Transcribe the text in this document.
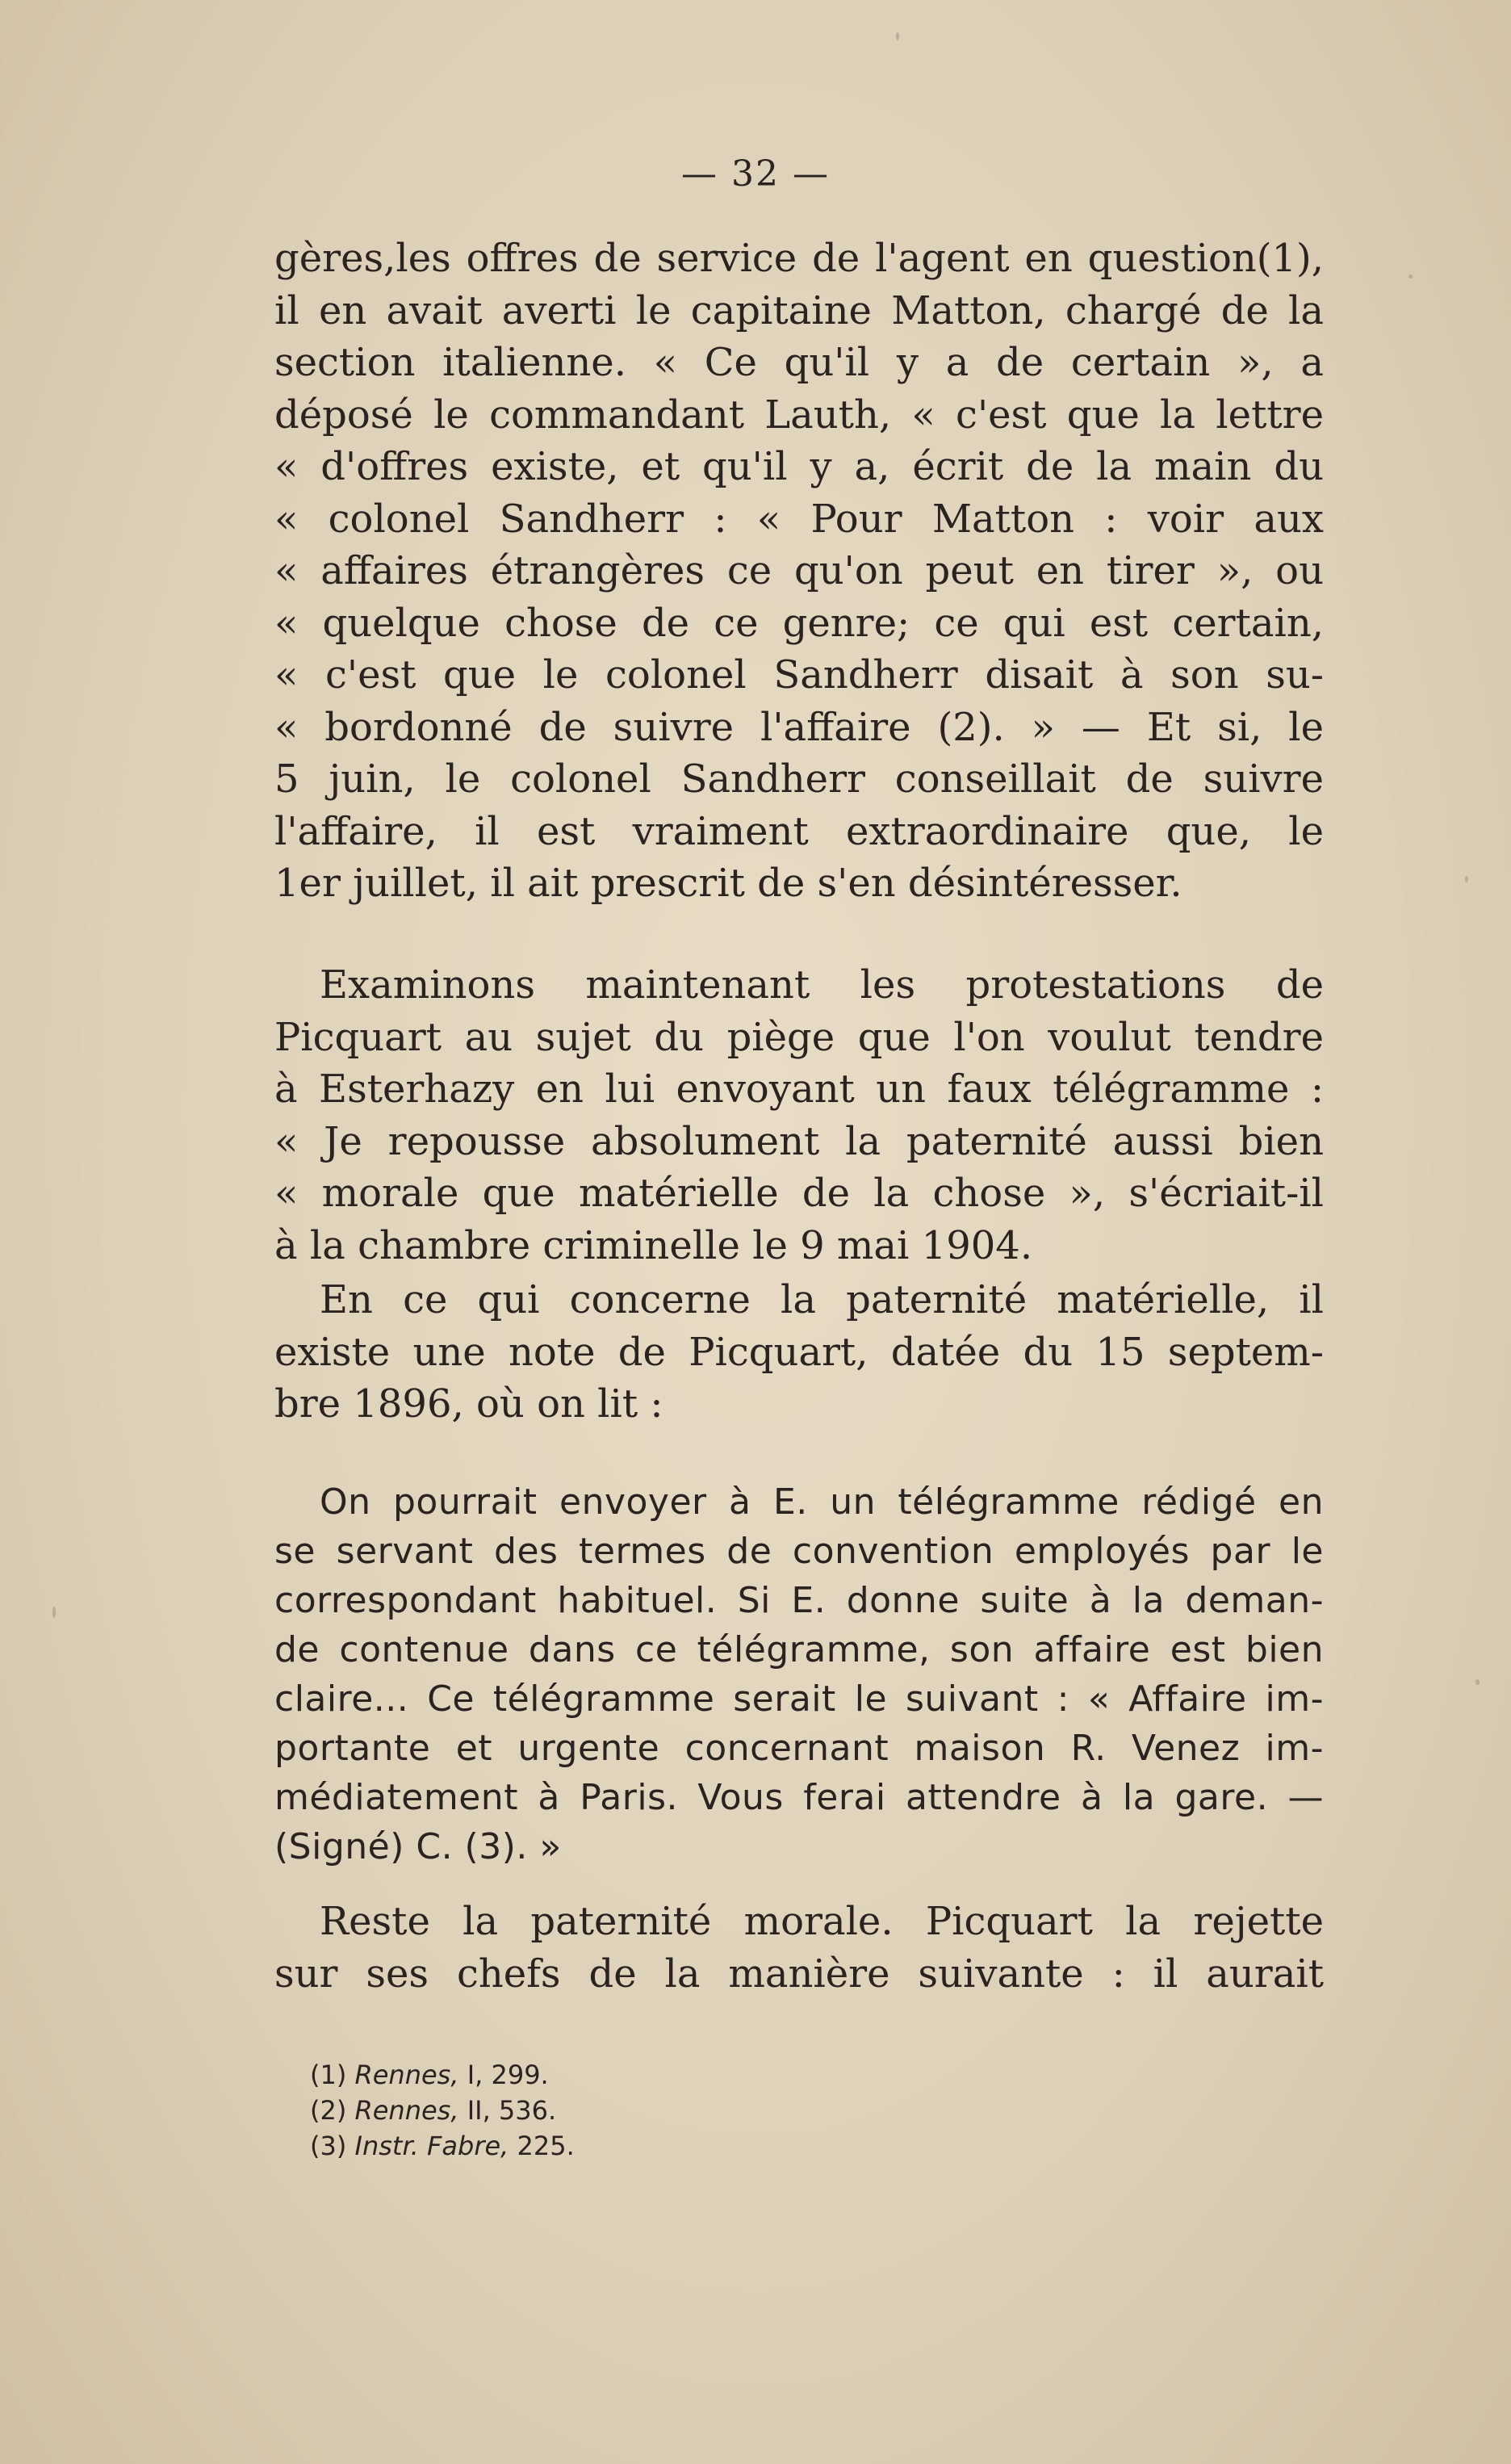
— 32 —
gères,les offres de service de l'agent en question(1),
il en avait averti le capitaine Matton, chargé de la
section italienne. « Ce qu'il y a de certain », a
déposé le commandant Lauth, « c'est que la lettre
« d'offres existe, et qu'il y a, écrit de la main du
« colonel Sandherr : « Pour Matton : voir aux
« affaires étrangères ce qu'on peut en tirer », ou
« quelque chose de ce genre; ce qui est certain,
« c'est que le colonel Sandherr disait à son su-
« bordonné de suivre l'affaire (2). » — Et si, le
5 juin, le colonel Sandherr conseillait de suivre
l'affaire, il est vraiment extraordinaire que, le
1er juillet, il ait prescrit de s'en désintéresser.
Examinons maintenant les protestations de
Picquart au sujet du piège que l'on voulut tendre
à Esterhazy en lui envoyant un faux télégramme :
« Je repousse absolument la paternité aussi bien
« morale que matérielle de la chose », s'écriait-il
à la chambre criminelle le 9 mai 1904.
En ce qui concerne la paternité matérielle, il
existe une note de Picquart, datée du 15 septem-
bre 1896, où on lit :
On pourrait envoyer à E. un télégramme rédigé en
se servant des termes de convention employés par le
correspondant habituel. Si E. donne suite à la deman-
de contenue dans ce télégramme, son affaire est bien
claire... Ce télégramme serait le suivant : « Affaire im-
portante et urgente concernant maison R. Venez im-
médiatement à Paris. Vous ferai attendre à la gare. —
(Signé) C. (3). »
Reste la paternité morale. Picquart la rejette
sur ses chefs de la manière suivante : il aurait
(1) Rennes, I, 299.
(2) Rennes, II, 536.
(3) Instr. Fabre, 225.
